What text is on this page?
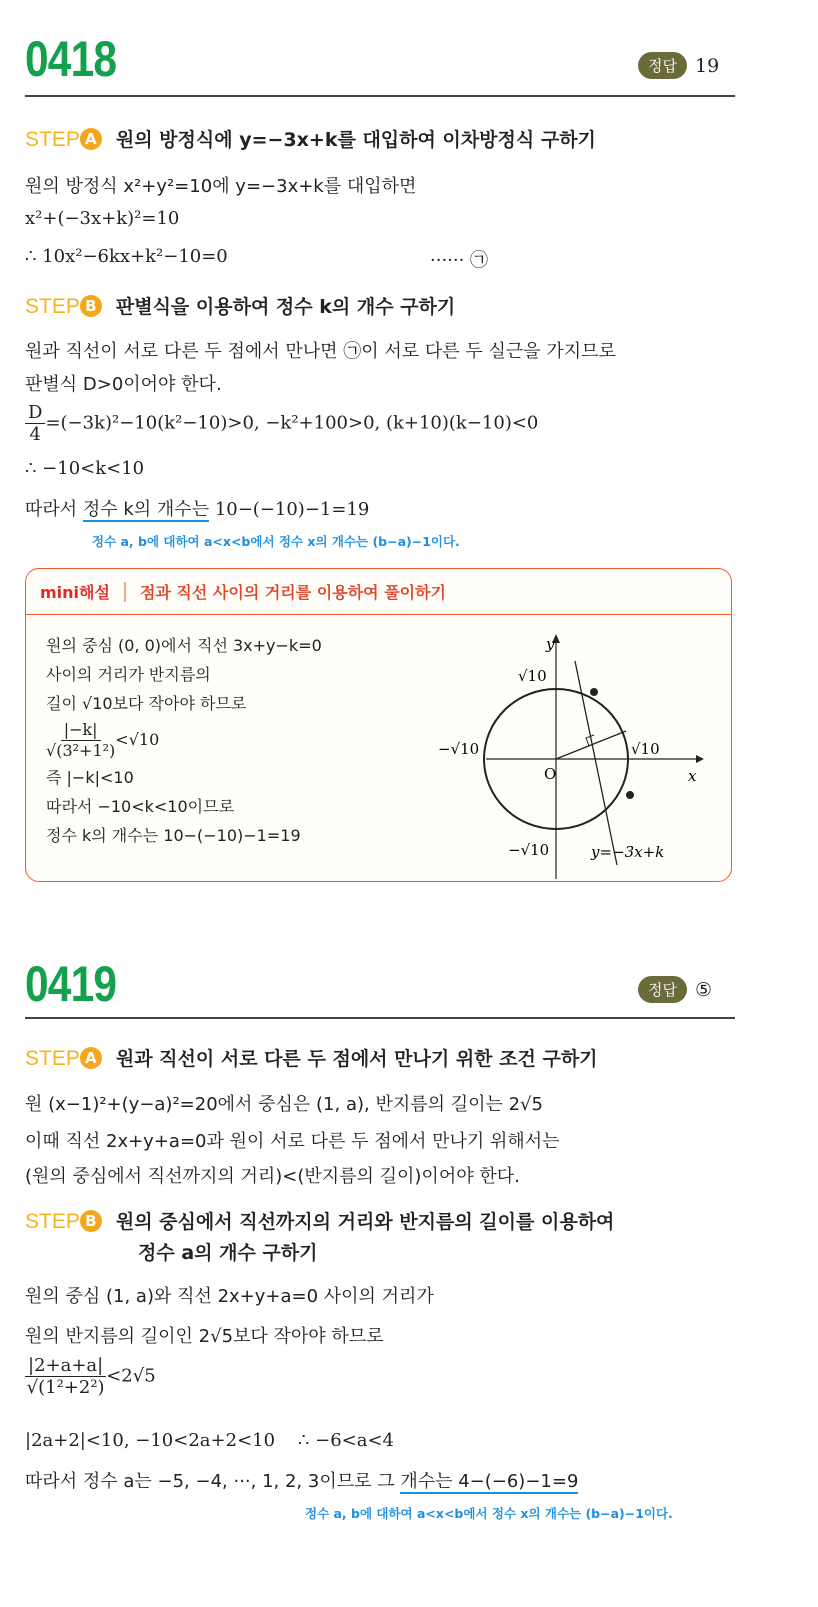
0418	정답 19
STEP A 원의 방정식에 y=−3x+k를 대입하여 이차방정식 구하기
원의 방정식 x²+y²=10에 y=−3x+k를 대입하면
x²+(−3x+k)²=10
∴ 10x²−6kx+k²−10=0	······ ㉠
STEP B 판별식을 이용하여 정수 k의 개수 구하기
원과 직선이 서로 다른 두 점에서 만나면 ㉠이 서로 다른 두 실근을 가지므로
판별식 D>0이어야 한다.
$\frac{D}{4} =(-3k)^2-10(k^2-10)>0$, −k²+100>0, (k+10)(k−10)<0
∴ −10<k<10
따라서 정수 k의 개수는 10−(−10)−1=19
정수 a, b에 대하여 a<x<b에서 정수 x의 개수는 (b−a)−1이다.
mini해설 점과 직선 사이의 거리를 이용하여 풀이하기
원의 중심 (0, 0)에서 직선 3x+y−k=0
사이의 거리가 반지름의
길이 √10보다 작아야 하므로
$\frac{|-k|}{\text{√(3²+1²)}} <√10$
즉 |−k|<10
따라서 −10<k<10이므로
정수 k의 개수는 10−(−10)−1=19
y
x
O
√10
−√10
−√10	√10
y=−3x+k
0419	정답 ⑤
STEP A 원과 직선이 서로 다른 두 점에서 만나기 위한 조건 구하기
원 (x−1)²+(y−a)²=20에서 중심은 (1, a), 반지름의 길이는 2√5
이때 직선 2x+y+a=0과 원이 서로 다른 두 점에서 만나기 위해서는
(원의 중심에서 직선까지의 거리)<(반지름의 길이)이어야 한다.
STEP B 원의 중심에서 직선까지의 거리와 반지름의 길이를 이용하여
정수 a의 개수 구하기
원의 중심 (1, a)와 직선 2x+y+a=0 사이의 거리가
원의 반지름의 길이인 2√5보다 작아야 하므로
$\frac{|2+a+a|}{\text{√(1²+2²)}} <2√5$
|2a+2|<10, −10<2a+2<10    ∴ −6<a<4
따라서 정수 a는 −5, −4, ···, 1, 2, 3이므로 그 개수는 4−(−6)−1=9
정수 a, b에 대하여 a<x<b에서 정수 x의 개수는 (b−a)−1이다.
